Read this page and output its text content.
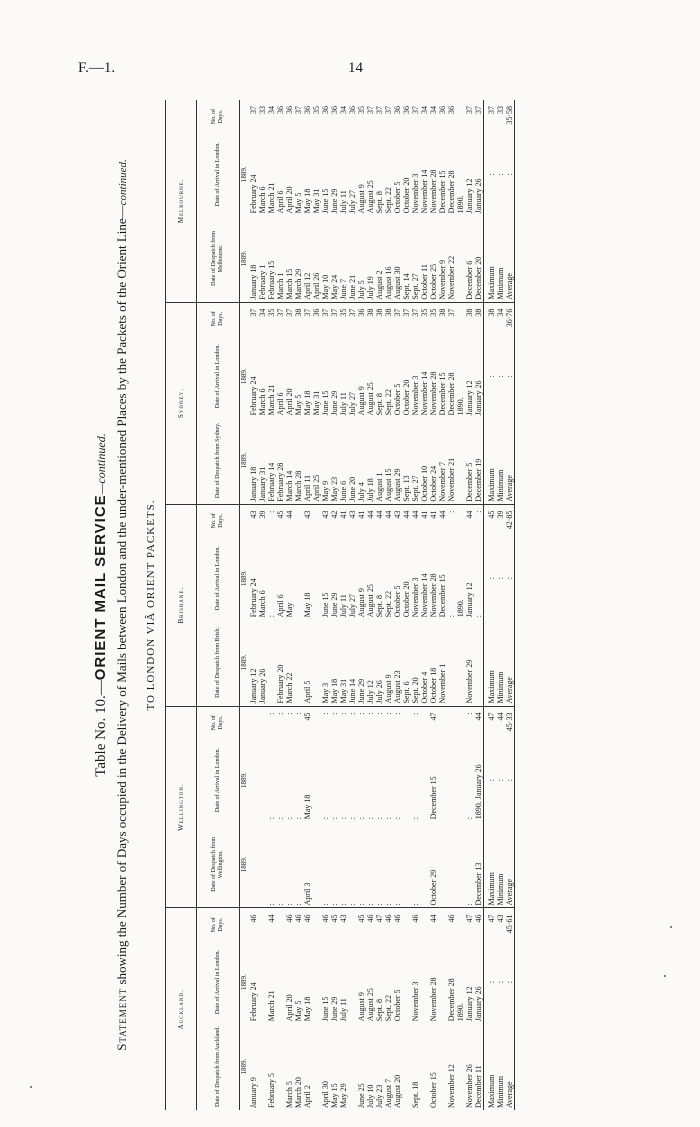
F.—1.	14
Table No. 10.—ORIENT MAIL SERVICE—continued.
Statement showing the Number of Days occupied in the Delivery of Mails between London and the under-mentioned Places by the Packets of the Orient Line—continued.
TO LONDON VIÂ ORIENT PACKETS.
Auckland.			Wellington.			Brisbane.			Sydney.			Melbourne.		
Date of Despatch from Auckland.	Date of Arrival in London.	No. of Days.	Date of Despatch from Wellington.	Date of Arrival in London.	No. of Days.	Date of Despatch from Brisb.	Date of Arrival in London.	No. of Days.	Date of Despatch from Sydney.	Date of Arrival in London.	No. of Days.	Date of Despatch from Melbourne.	Date of Arrival in London.	No. of Days.
1889.	1889.		1889.	1889.		1889.	1889.		1889.	1889.		1889.	1889.	
January 9	February 24	46				January 12	February 24	43	January 18	February 24	37	January 18	February 24	37
						January 26	March 6	39	January 31	March 6	34	February 1	March 6	33
February 5	March 21	44	:	:	:		:	:	February 14	March 21	35	February 15	March 21	34
			:	:	:	February 20	April 6	45	February 28	April 6	37	March 1	April 6	36
March 5	April 20	46	:	:	:	March 22	May	44	March 14	April 20	37	March 15	April 20	36
March 20	May 5	46	:	:	:				March 28	May 5	38	March 29	May 5	37
April 2	May 18	46	April 3	May 18	45	April 5	May 18	43	April 11	May 18	37	April 12	May 18	36
									April 25	May 31	36	April 26	May 31	35
April 30	June 15	46	:	:	:	May 3	June 15	43	May 9	June 15	37	May 10	June 15	36
May 15	June 29	45	:	:	:	May 18	June 29	42	May 23	June 29	37	May 24	June 29	36
May 29	July 11	43	:	:	:	May 31	July 11	41	June 6	July 11	35	June 7	July 11	34
			:	:	:	June 14	July 27	43	June 20	July 27	37	June 21	July 27	36
June 25	August 9	45	:	:	:	June 29	August 9	41	July 4	August 9	36	July 5	August 9	35
July 10	August 25	46	:	:	:	July 12	August 25	44	July 18	August 25	38	July 19	August 25	37
July 23	Sept. 8	47	:	:	:	July 26	Sept. 8	44	August 1	Sept. 8	38	August 2	Sept. 8	37
August 7	Sept. 22	46	:	:	:	August 9	Sept. 22	44	August 15	Sept. 22	38	August 16	Sept. 22	37
August 20	October 5	46	:	:	:	August 23	October 5	43	August 29	October 5	37	August 30	October 5	36
						Sept. 6	October 20	44	Sept. 13	October 20	37	Sept. 14	October 20	36
Sept. 18	November 3	46	:	:	:	Sept. 20	November 3	44	Sept. 27	November 3	37	Sept. 27	November 3	37
						October 4	November 14	41	October 10	November 14	35	October 11	November 14	34
October 15	November 28	44	October 29	December 15	47	October 18	November 28	41	October 24	November 28	35	October 25	November 28	34
						November 1	December 15	44	November 7	December 15	38	November 9	December 15	36
November 12	December 28	46					:	:	November 21	December 28	37	November 22	December 28	36
	1890.						1890.			1890.			1890.	
November 26	January 12	47	:	:	:	November 29	January 12	44	December 5	January 12	38	December 6	January 12	37
December 11	January 26	46	December 13	1890. January 26	44		:	:	December 19	January 26	38	December 20	January 26	37
Maximum	:	47	Maximum	:	47	Maximum	:	45	Maximum	:	38	Maximum	:	37
Minimum	:	43	Minimum	:	44	Minimum	:	39	Minimum	:	34	Minimum	:	33
Average	:	45·61	Average	:	45·33	Average	:	42·85	Average	:	36·76	Average	:	35·58
